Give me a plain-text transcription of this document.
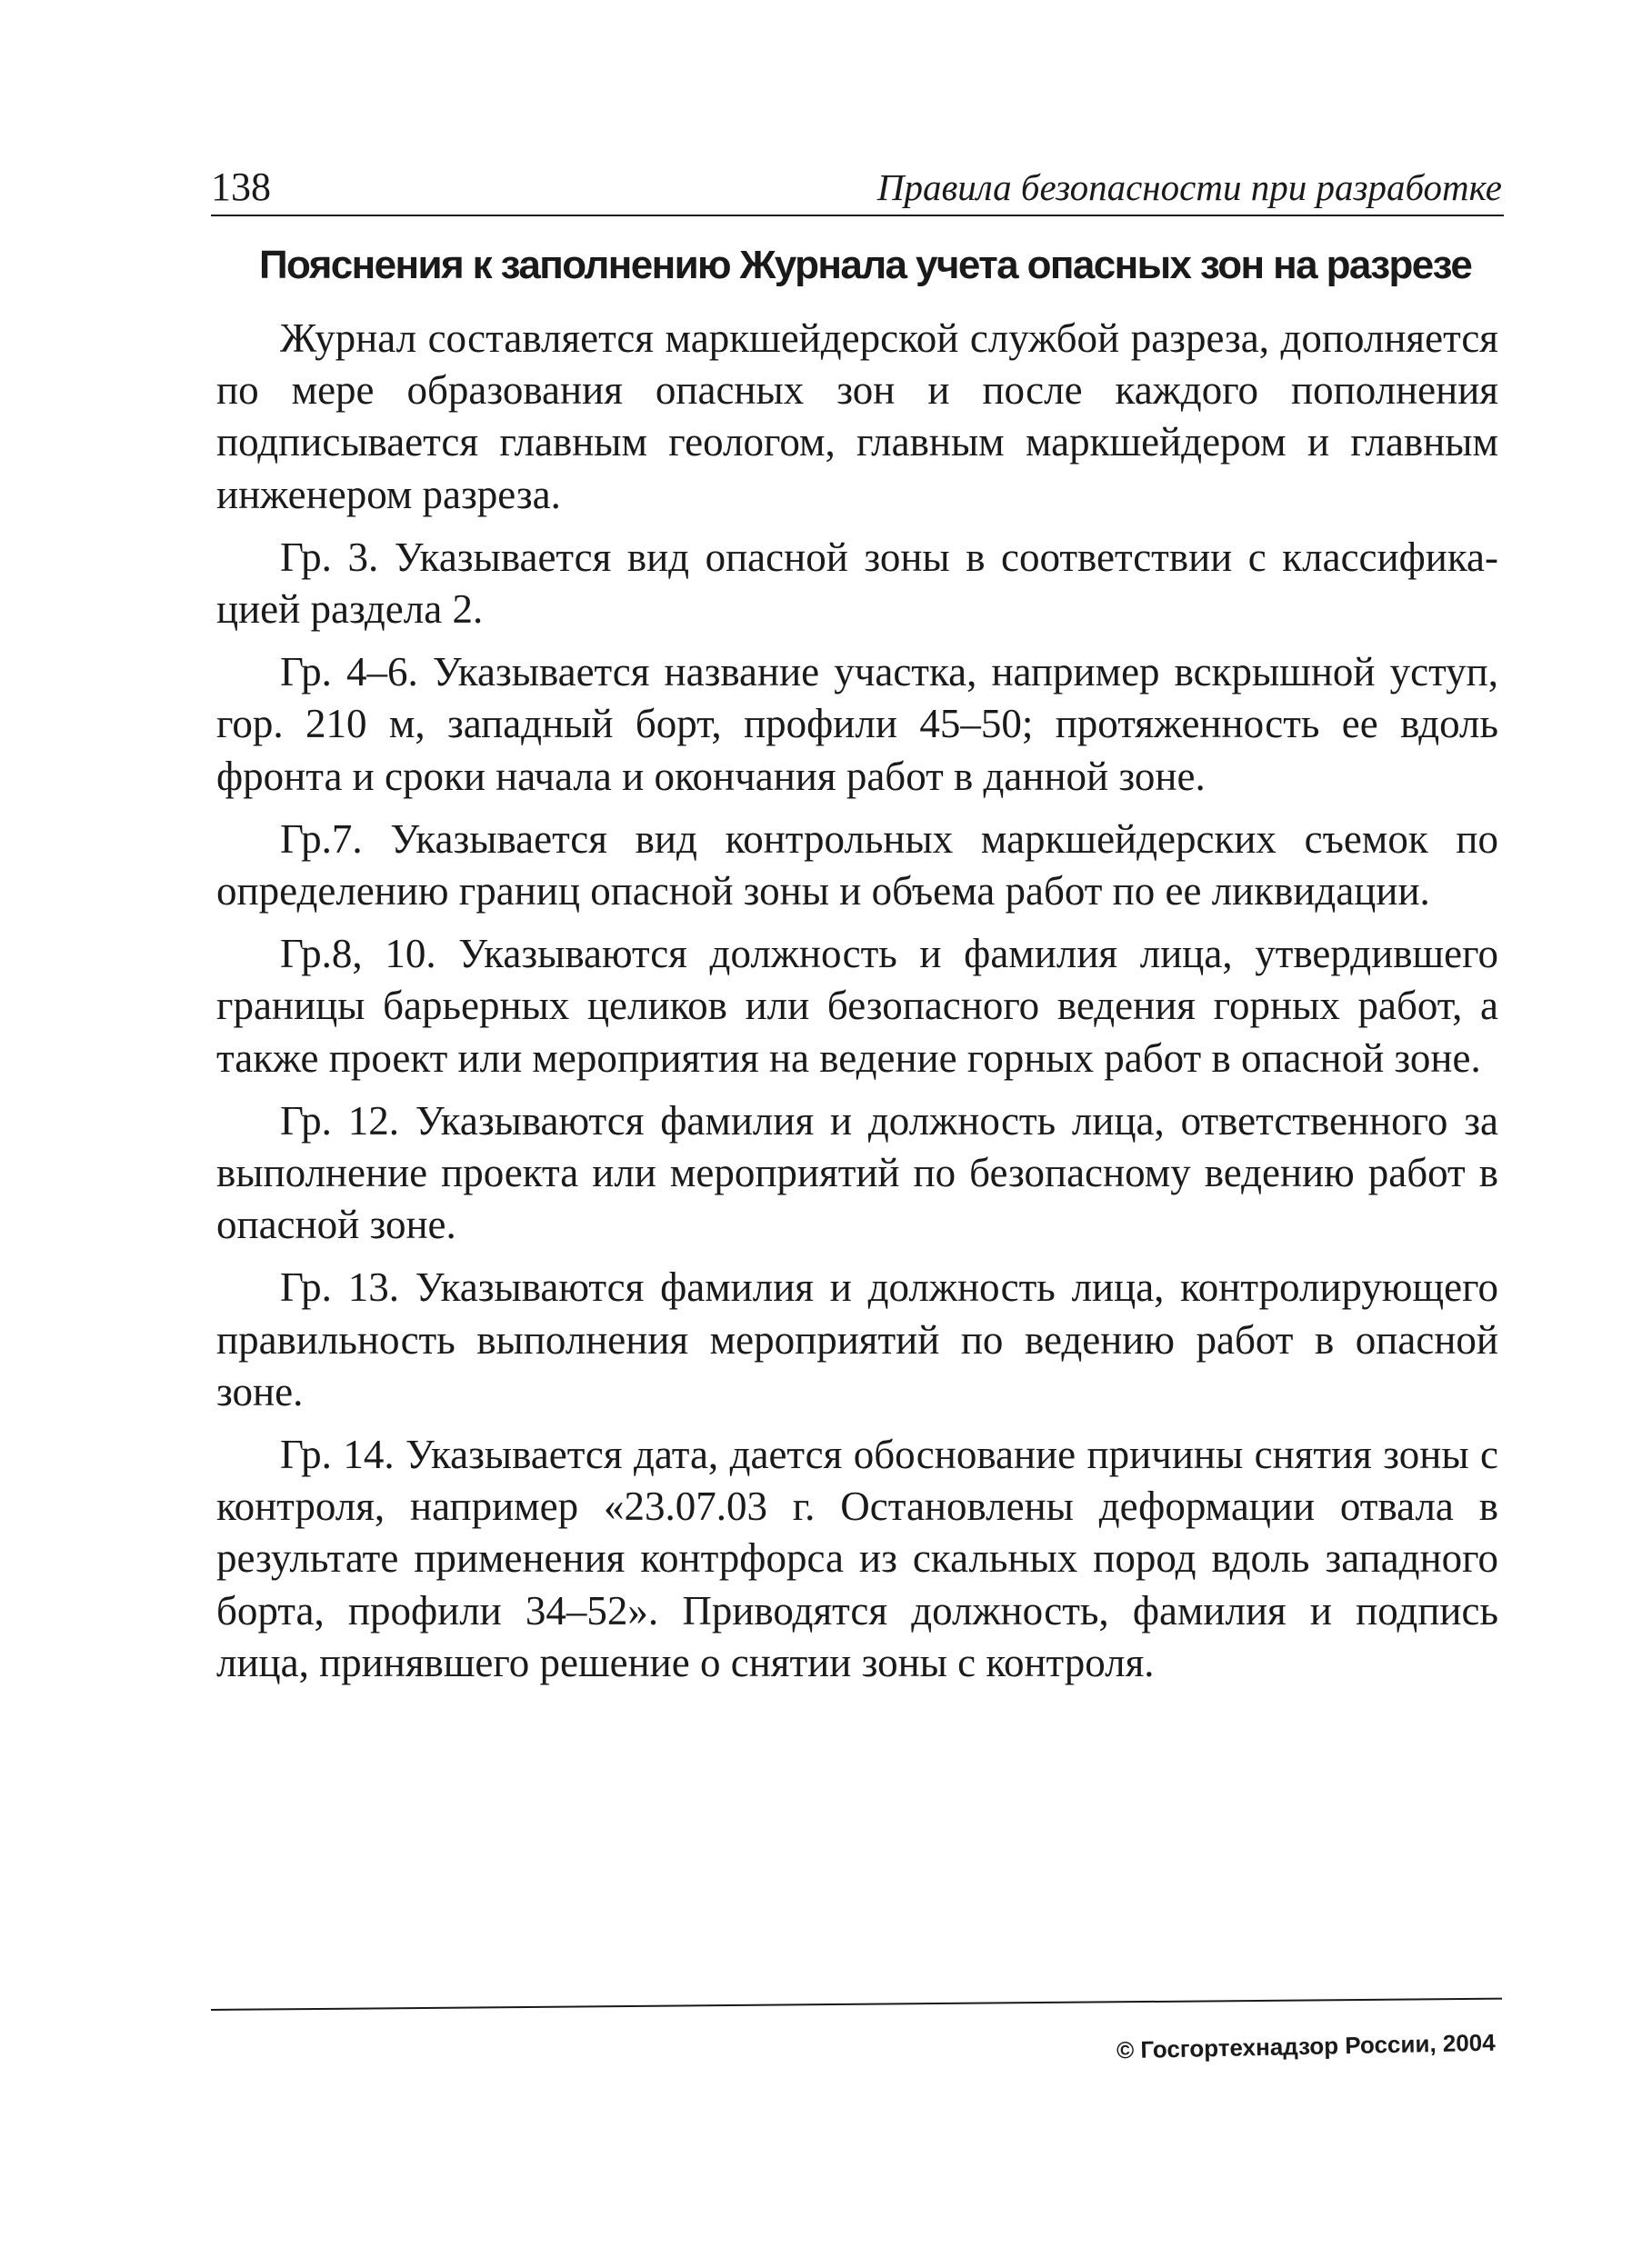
138	Правила безопасности при разработке
Пояснения к заполнению Журнала учета опасных зон на разрезе

Журнал составляется маркшейдерской службой разреза, дополняется по мере образования опасных зон и после каждого пополнения подписывается главным геологом, главным маркшейдером и главным инженером разреза.

Гр. 3. Указывается вид опасной зоны в соответствии с классификацией раздела 2.

Гр. 4–6. Указывается название участка, например вскрышной уступ, гор. 210 м, западный борт, профили 45–50; протяженность ее вдоль фронта и сроки начала и окончания работ в данной зоне.

Гр.7. Указывается вид контрольных маркшейдерских съемок по определению границ опасной зоны и объема работ по ее ликвидации.

Гр.8, 10. Указываются должность и фамилия лица, утвердившего границы барьерных целиков или безопасного ведения горных работ, а также проект или мероприятия на ведение горных работ в опасной зоне.

Гр. 12. Указываются фамилия и должность лица, ответственного за выполнение проекта или мероприятий по безопасному ведению работ в опасной зоне.

Гр. 13. Указываются фамилия и должность лица, контролирующего правильность выполнения мероприятий по ведению работ в опасной зоне.

Гр. 14. Указывается дата, дается обоснование причины снятия зоны с контроля, например «23.07.03 г. Остановлены деформации отвала в результате применения контрфорса из скальных пород вдоль западного борта, профили 34–52». Приводятся должность, фамилия и подпись лица, принявшего решение о снятии зоны с контроля.

© Госгортехнадзор России, 2004
